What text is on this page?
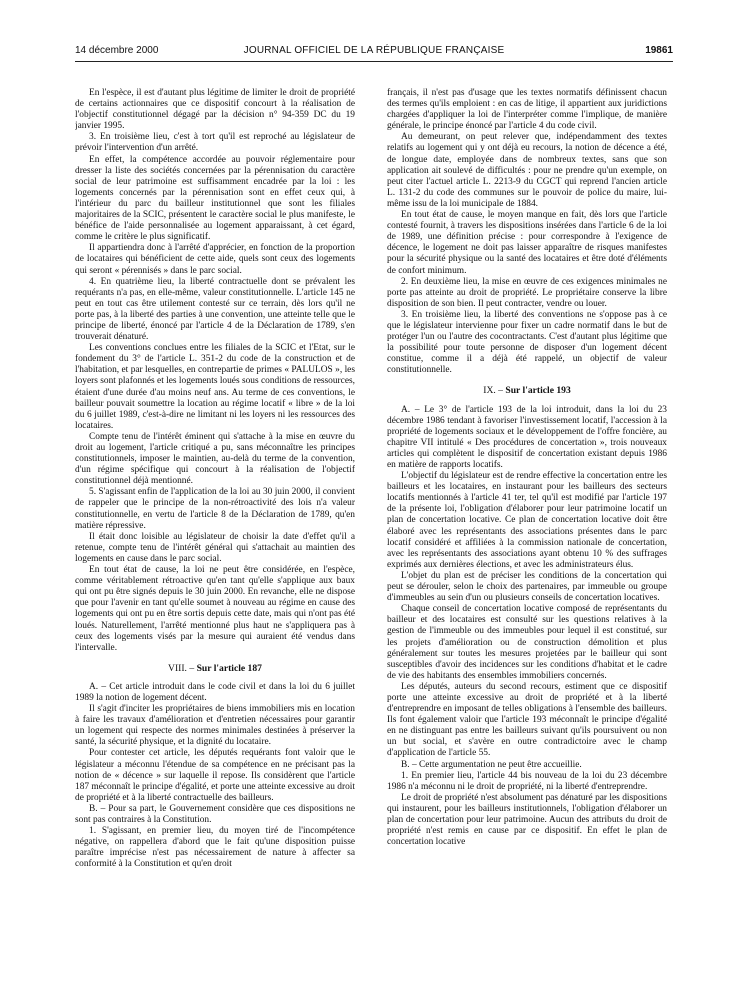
14 décembre 2000	JOURNAL OFFICIEL DE LA RÉPUBLIQUE FRANÇAISE	19861

En l'espèce, il est d'autant plus légitime de limiter le droit de propriété de certains actionnaires que ce dispositif concourt à la réalisation de l'objectif constitutionnel dégagé par la décision n° 94-359 DC du 19 janvier 1995.

3. En troisième lieu, c'est à tort qu'il est reproché au législateur de prévoir l'intervention d'un arrêté.

En effet, la compétence accordée au pouvoir réglementaire pour dresser la liste des sociétés concernées par la pérennisation du caractère social de leur patrimoine est suffisamment encadrée par la loi : les logements concernés par la pérennisation sont en effet ceux qui, à l'intérieur du parc du bailleur institutionnel que sont les filiales majoritaires de la SCIC, présentent le caractère social le plus manifeste, le bénéfice de l'aide personnalisée au logement apparaissant, à cet égard, comme le critère le plus significatif.

Il appartiendra donc à l'arrêté d'apprécier, en fonction de la proportion de locataires qui bénéficient de cette aide, quels sont ceux des logements qui seront « pérennisés » dans le parc social.

4. En quatrième lieu, la liberté contractuelle dont se prévalent les requérants n'a pas, en elle-même, valeur constitutionnelle. L'article 145 ne peut en tout cas être utilement contesté sur ce terrain, dès lors qu'il ne porte pas, à la liberté des parties à une convention, une atteinte telle que le principe de liberté, énoncé par l'article 4 de la Déclaration de 1789, s'en trouverait dénaturé.

Les conventions conclues entre les filiales de la SCIC et l'Etat, sur le fondement du 3° de l'article L. 351-2 du code de la construction et de l'habitation, et par lesquelles, en contrepartie de primes « PALULOS », les loyers sont plafonnés et les logements loués sous conditions de ressources, étaient d'une durée d'au moins neuf ans. Au terme de ces conventions, le bailleur pouvait soumettre la location au régime locatif « libre » de la loi du 6 juillet 1989, c'est-à-dire ne limitant ni les loyers ni les ressources des locataires.

Compte tenu de l'intérêt éminent qui s'attache à la mise en œuvre du droit au logement, l'article critiqué a pu, sans méconnaître les principes constitutionnels, imposer le maintien, au-delà du terme de la convention, d'un régime spécifique qui concourt à la réalisation de l'objectif constitutionnel déjà mentionné.

5. S'agissant enfin de l'application de la loi au 30 juin 2000, il convient de rappeler que le principe de la non-rétroactivité des lois n'a valeur constitutionnelle, en vertu de l'article 8 de la Déclaration de 1789, qu'en matière répressive.

Il était donc loisible au législateur de choisir la date d'effet qu'il a retenue, compte tenu de l'intérêt général qui s'attachait au maintien des logements en cause dans le parc social.

En tout état de cause, la loi ne peut être considérée, en l'espèce, comme véritablement rétroactive qu'en tant qu'elle s'applique aux baux qui ont pu être signés depuis le 30 juin 2000. En revanche, elle ne dispose que pour l'avenir en tant qu'elle soumet à nouveau au régime en cause des logements qui ont pu en être sortis depuis cette date, mais qui n'ont pas été loués. Naturellement, l'arrêté mentionné plus haut ne s'appliquera pas à ceux des logements visés par la mesure qui auraient été vendus dans l'intervalle.

VIII. – Sur l'article 187

A. – Cet article introduit dans le code civil et dans la loi du 6 juillet 1989 la notion de logement décent.

Il s'agit d'inciter les propriétaires de biens immobiliers mis en location à faire les travaux d'amélioration et d'entretien nécessaires pour garantir un logement qui respecte des normes minimales destinées à préserver la santé, la sécurité physique, et la dignité du locataire.

Pour contester cet article, les députés requérants font valoir que le législateur a méconnu l'étendue de sa compétence en ne précisant pas la notion de « décence » sur laquelle il repose. Ils considèrent que l'article 187 méconnaît le principe d'égalité, et porte une atteinte excessive au droit de propriété et à la liberté contractuelle des bailleurs.

B. – Pour sa part, le Gouvernement considère que ces dispositions ne sont pas contraires à la Constitution.

1. S'agissant, en premier lieu, du moyen tiré de l'incompétence négative, on rappellera d'abord que le fait qu'une disposition puisse paraître imprécise n'est pas nécessairement de nature à affecter sa conformité à la Constitution et qu'en droit

français, il n'est pas d'usage que les textes normatifs définissent chacun des termes qu'ils emploient : en cas de litige, il appartient aux juridictions chargées d'appliquer la loi de l'interpréter comme l'implique, de manière générale, le principe énoncé par l'article 4 du code civil.

Au demeurant, on peut relever que, indépendamment des textes relatifs au logement qui y ont déjà eu recours, la notion de décence a été, de longue date, employée dans de nombreux textes, sans que son application ait soulevé de difficultés : pour ne prendre qu'un exemple, on peut citer l'actuel article L. 2213-9 du CGCT qui reprend l'ancien article L. 131-2 du code des communes sur le pouvoir de police du maire, lui-même issu de la loi municipale de 1884.

En tout état de cause, le moyen manque en fait, dès lors que l'article contesté fournit, à travers les dispositions insérées dans l'article 6 de la loi de 1989, une définition précise : pour correspondre à l'exigence de décence, le logement ne doit pas laisser apparaître de risques manifestes pour la sécurité physique ou la santé des locataires et être doté d'éléments de confort minimum.

2. En deuxième lieu, la mise en œuvre de ces exigences minimales ne porte pas atteinte au droit de propriété. Le propriétaire conserve la libre disposition de son bien. Il peut contracter, vendre ou louer.

3. En troisième lieu, la liberté des conventions ne s'oppose pas à ce que le législateur intervienne pour fixer un cadre normatif dans le but de protéger l'un ou l'autre des cocontractants. C'est d'autant plus légitime que la possibilité pour toute personne de disposer d'un logement décent constitue, comme il a déjà été rappelé, un objectif de valeur constitutionnelle.

IX. – Sur l'article 193

A. – Le 3° de l'article 193 de la loi introduit, dans la loi du 23 décembre 1986 tendant à favoriser l'investissement locatif, l'accession à la propriété de logements sociaux et le développement de l'offre foncière, au chapitre VII intitulé « Des procédures de concertation », trois nouveaux articles qui complètent le dispositif de concertation existant depuis 1986 en matière de rapports locatifs.

L'objectif du législateur est de rendre effective la concertation entre les bailleurs et les locataires, en instaurant pour les bailleurs des secteurs locatifs mentionnés à l'article 41 ter, tel qu'il est modifié par l'article 197 de la présente loi, l'obligation d'élaborer pour leur patrimoine locatif un plan de concertation locative. Ce plan de concertation locative doit être élaboré avec les représentants des associations présentes dans le parc locatif considéré et affiliées à la commission nationale de concertation, avec les représentants des associations ayant obtenu 10 % des suffrages exprimés aux dernières élections, et avec les administrateurs élus.

L'objet du plan est de préciser les conditions de la concertation qui peut se dérouler, selon le choix des partenaires, par immeuble ou groupe d'immeubles au sein d'un ou plusieurs conseils de concertation locatives.

Chaque conseil de concertation locative composé de représentants du bailleur et des locataires est consulté sur les questions relatives à la gestion de l'immeuble ou des immeubles pour lequel il est constitué, sur les projets d'amélioration ou de construction démolition et plus généralement sur toutes les mesures projetées par le bailleur qui sont susceptibles d'avoir des incidences sur les conditions d'habitat et le cadre de vie des habitants des ensembles immobiliers concernés.

Les députés, auteurs du second recours, estiment que ce dispositif porte une atteinte excessive au droit de propriété et à la liberté d'entreprendre en imposant de telles obligations à l'ensemble des bailleurs. Ils font également valoir que l'article 193 méconnaît le principe d'égalité en ne distinguant pas entre les bailleurs suivant qu'ils poursuivent ou non un but social, et s'avère en outre contradictoire avec le champ d'application de l'article 55.

B. – Cette argumentation ne peut être accueillie.

1. En premier lieu, l'article 44 bis nouveau de la loi du 23 décembre 1986 n'a méconnu ni le droit de propriété, ni la liberté d'entreprendre.

Le droit de propriété n'est absolument pas dénaturé par les dispositions qui instaurent, pour les bailleurs institutionnels, l'obligation d'élaborer un plan de concertation pour leur patrimoine. Aucun des attributs du droit de propriété n'est remis en cause par ce dispositif. En effet le plan de concertation locative
